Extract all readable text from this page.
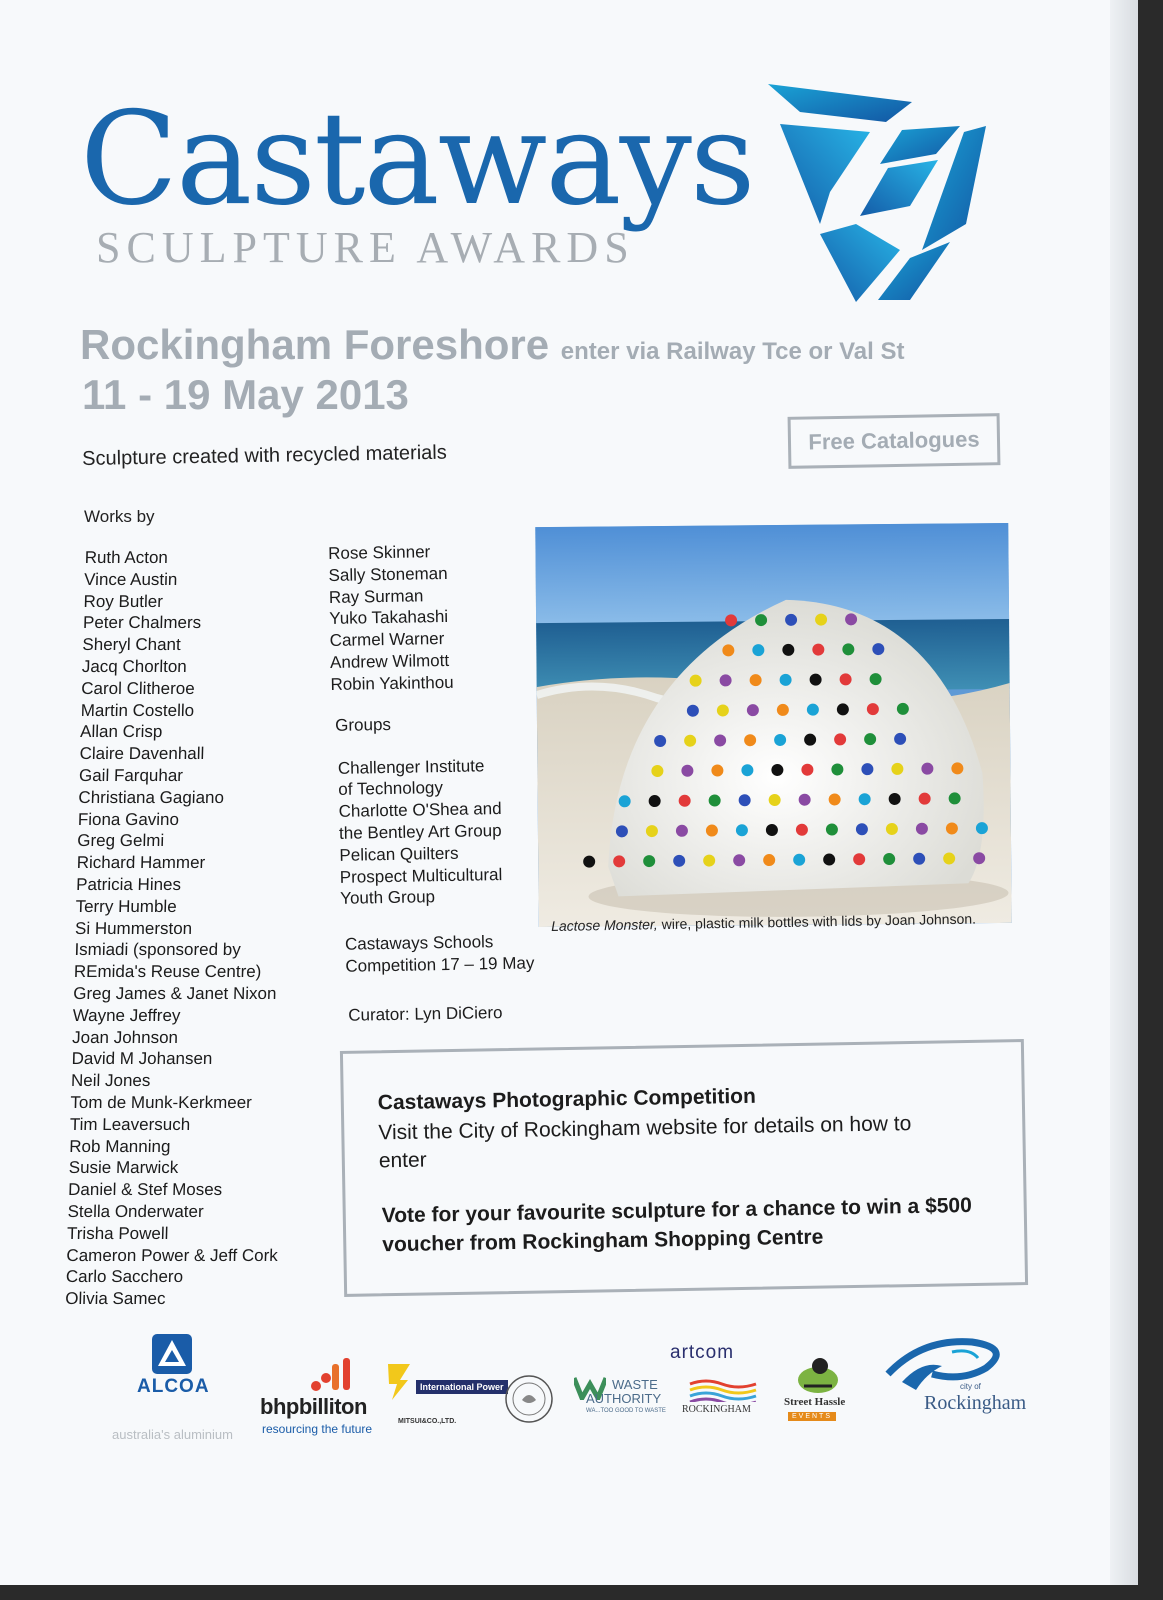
Castaways
SCULPTURE AWARDS
Rockingham Foreshore enter via Railway Tce or Val St
11 - 19 May 2013
Free Catalogues
Sculpture created with recycled materials
Works by
Ruth Acton
Vince Austin
Roy Butler
Peter Chalmers
Sheryl Chant
Jacq Chorlton
Carol Clitheroe
Martin Costello
Allan Crisp
Claire Davenhall
Gail Farquhar
Christiana Gagiano
Fiona Gavino
Greg Gelmi
Richard Hammer
Patricia Hines
Terry Humble
Si Hummerston
Ismiadi (sponsored by
REmida's Reuse Centre)
Greg James & Janet Nixon
Wayne Jeffrey
Joan Johnson
David M Johansen
Neil Jones
Tom de Munk-Kerkmeer
Tim Leaversuch
Rob Manning
Susie Marwick
Daniel & Stef Moses
Stella Onderwater
Trisha Powell
Cameron Power & Jeff Cork
Carlo Sacchero
Olivia Samec
Rose Skinner
Sally Stoneman
Ray Surman
Yuko Takahashi
Carmel Warner
Andrew Wilmott
Robin Yakinthou
Groups
Challenger Institute
of Technology
Charlotte O'Shea and
the Bentley Art Group
Pelican Quilters
Prospect Multicultural
Youth Group
Castaways Schools
Competition 17 – 19 May
Curator: Lyn DiCiero
Lactose Monster, wire, plastic milk bottles with lids by Joan Johnson.
Castaways Photographic Competition
Visit the City of Rockingham website for details on how to enter
Vote for your favourite sculpture for a chance to win a $500 voucher from Rockingham Shopping Centre
ALCOA
australia's aluminium
bhpbilliton
resourcing the future
International Power
MITSUI&CO.,LTD.
WASTE
AUTHORITY
WA...TOO GOOD TO WASTE
artcom
ROCKINGHAM
Street Hassle
EVENTS
city of
Rockingham
